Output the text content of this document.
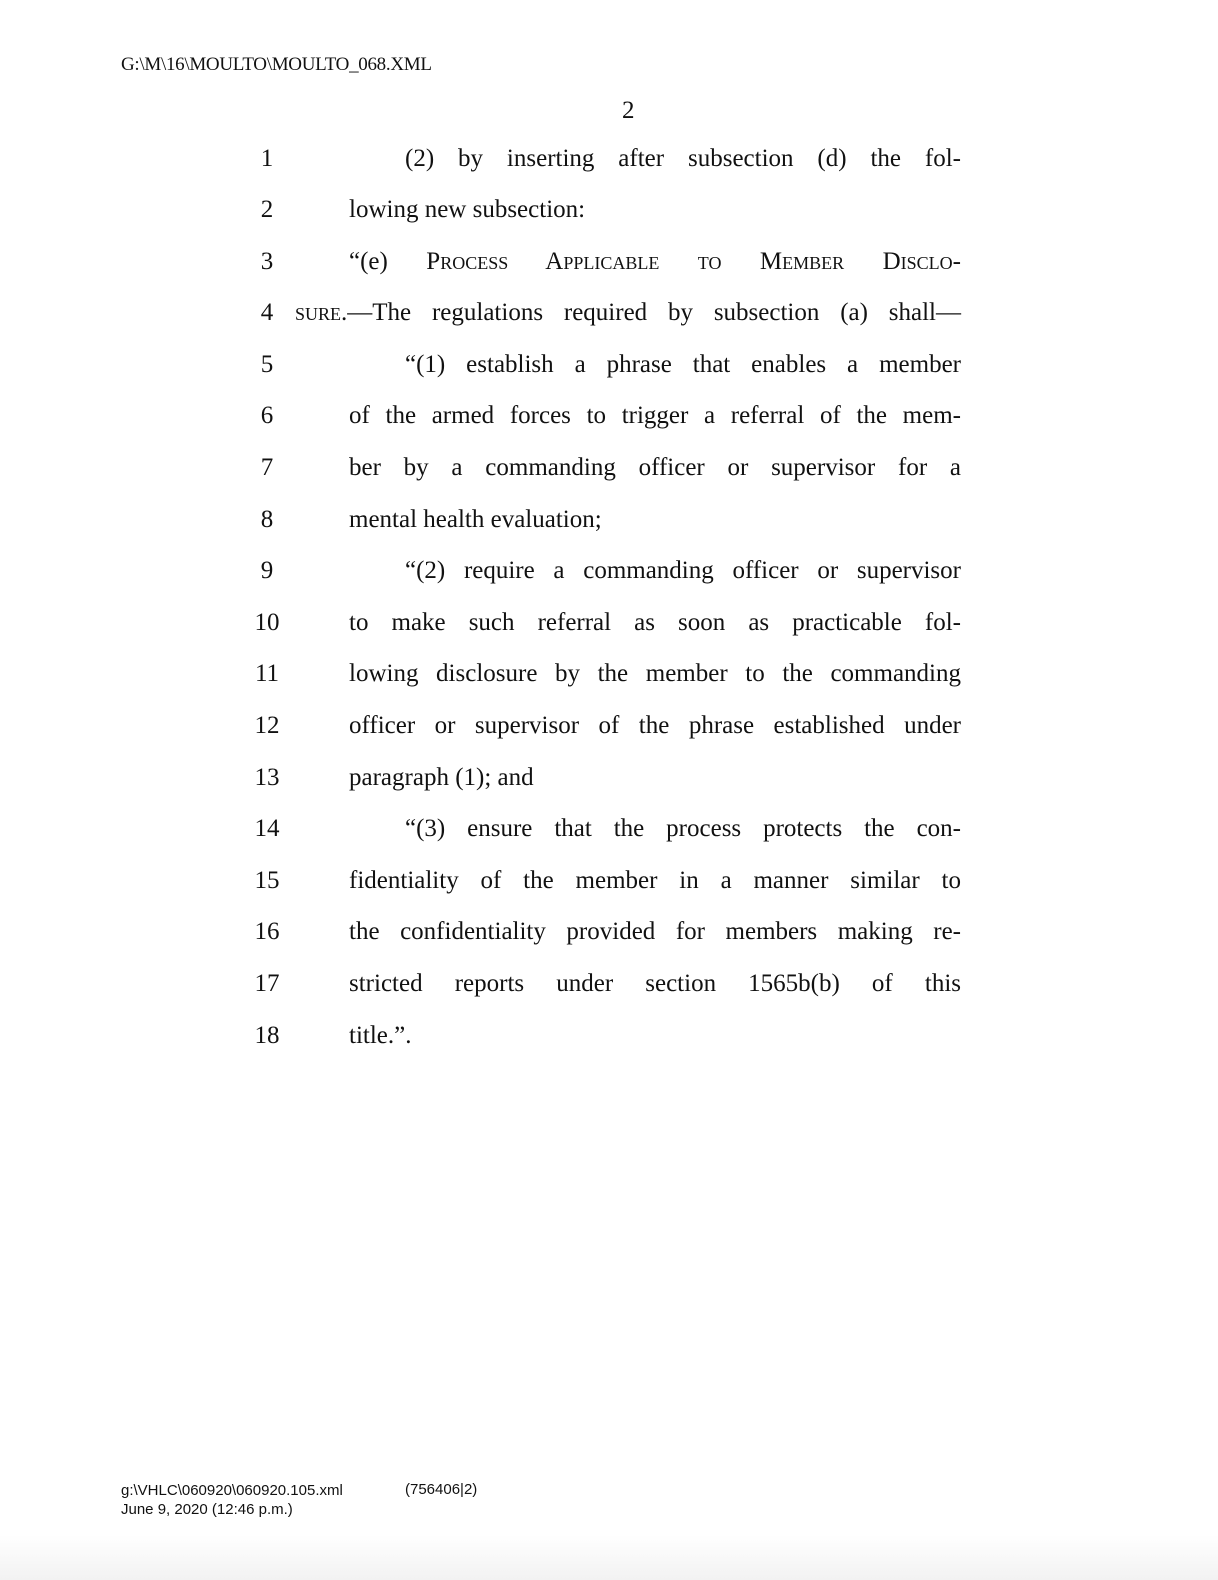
G:\M\16\MOULTO\MOULTO_068.XML
2
1	(2) by inserting after subsection (d) the fol-
2	lowing new subsection:
3	“(e) Process Applicable to Member Disclo-
4 sure.—The regulations required by subsection (a) shall—
5	“(1) establish a phrase that enables a member
6	of the armed forces to trigger a referral of the mem-
7	ber by a commanding officer or supervisor for a
8	mental health evaluation;
9	“(2) require a commanding officer or supervisor
10	to make such referral as soon as practicable fol-
11	lowing disclosure by the member to the commanding
12	officer or supervisor of the phrase established under
13	paragraph (1); and
14	“(3) ensure that the process protects the con-
15	fidentiality of the member in a manner similar to
16	the confidentiality provided for members making re-
17	stricted reports under section 1565b(b) of this
18	title.”.
g:\VHLC\060920\060920.105.xml
June 9, 2020 (12:46 p.m.)
(756406|2)
